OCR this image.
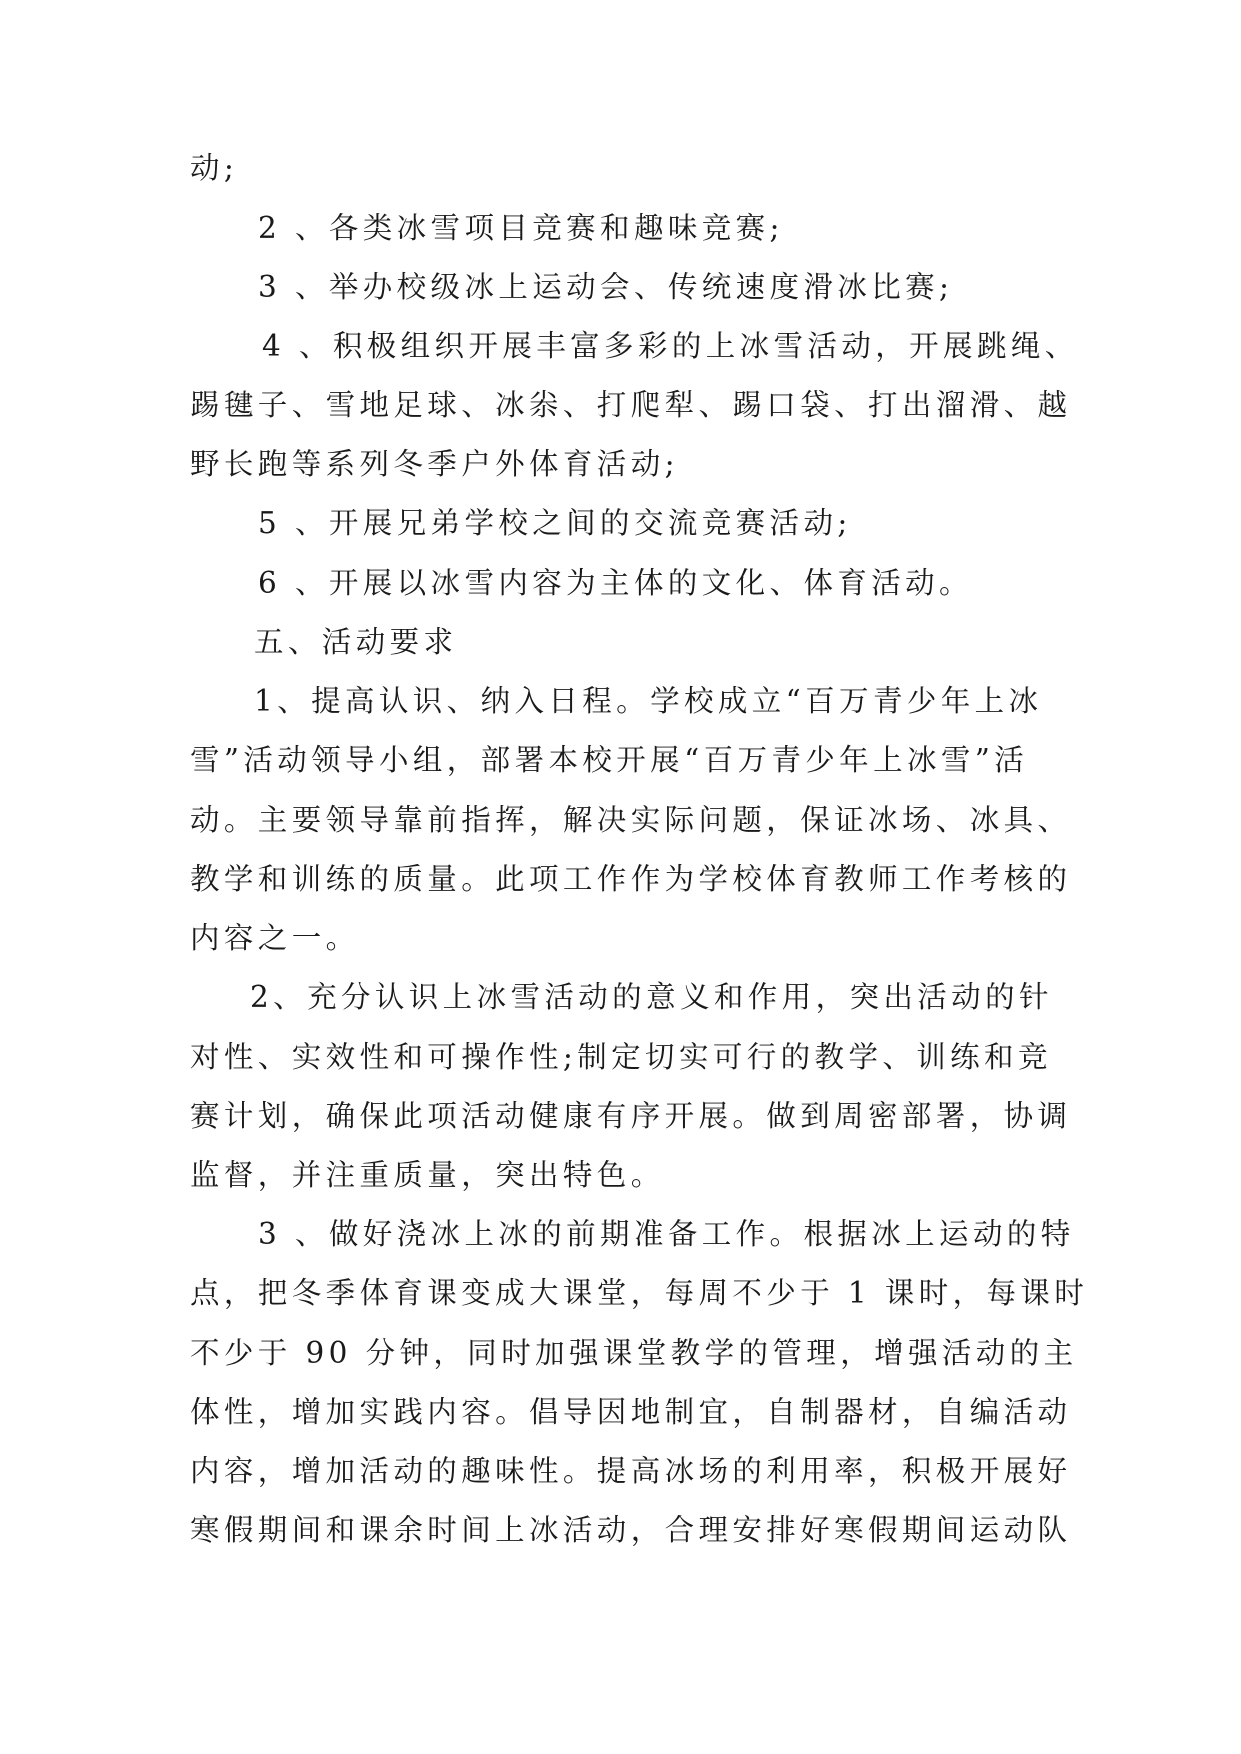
动;

2 、各类冰雪项目竞赛和趣味竞赛;

3 、举办校级冰上运动会、传统速度滑冰比赛;

4 、积极组织开展丰富多彩的上冰雪活动，开展跳绳、

踢毽子、雪地足球、冰尜、打爬犁、踢口袋、打出溜滑、越

野长跑等系列冬季户外体育活动;

5 、开展兄弟学校之间的交流竞赛活动;

6 、开展以冰雪内容为主体的文化、体育活动。

五、活动要求

1、提高认识、纳入日程。学校成立“百万青少年上冰

雪”活动领导小组，部署本校开展“百万青少年上冰雪”活

动。主要领导靠前指挥，解决实际问题，保证冰场、冰具、

教学和训练的质量。此项工作作为学校体育教师工作考核的

内容之一。

2、充分认识上冰雪活动的意义和作用，突出活动的针

对性、实效性和可操作性;制定切实可行的教学、训练和竞

赛计划，确保此项活动健康有序开展。做到周密部署，协调

监督，并注重质量，突出特色。

3 、做好浇冰上冰的前期准备工作。根据冰上运动的特

点，把冬季体育课变成大课堂，每周不少于 1 课时，每课时

不少于 90 分钟，同时加强课堂教学的管理，增强活动的主

体性，增加实践内容。倡导因地制宜，自制器材，自编活动

内容，增加活动的趣味性。提高冰场的利用率，积极开展好

寒假期间和课余时间上冰活动，合理安排好寒假期间运动队
